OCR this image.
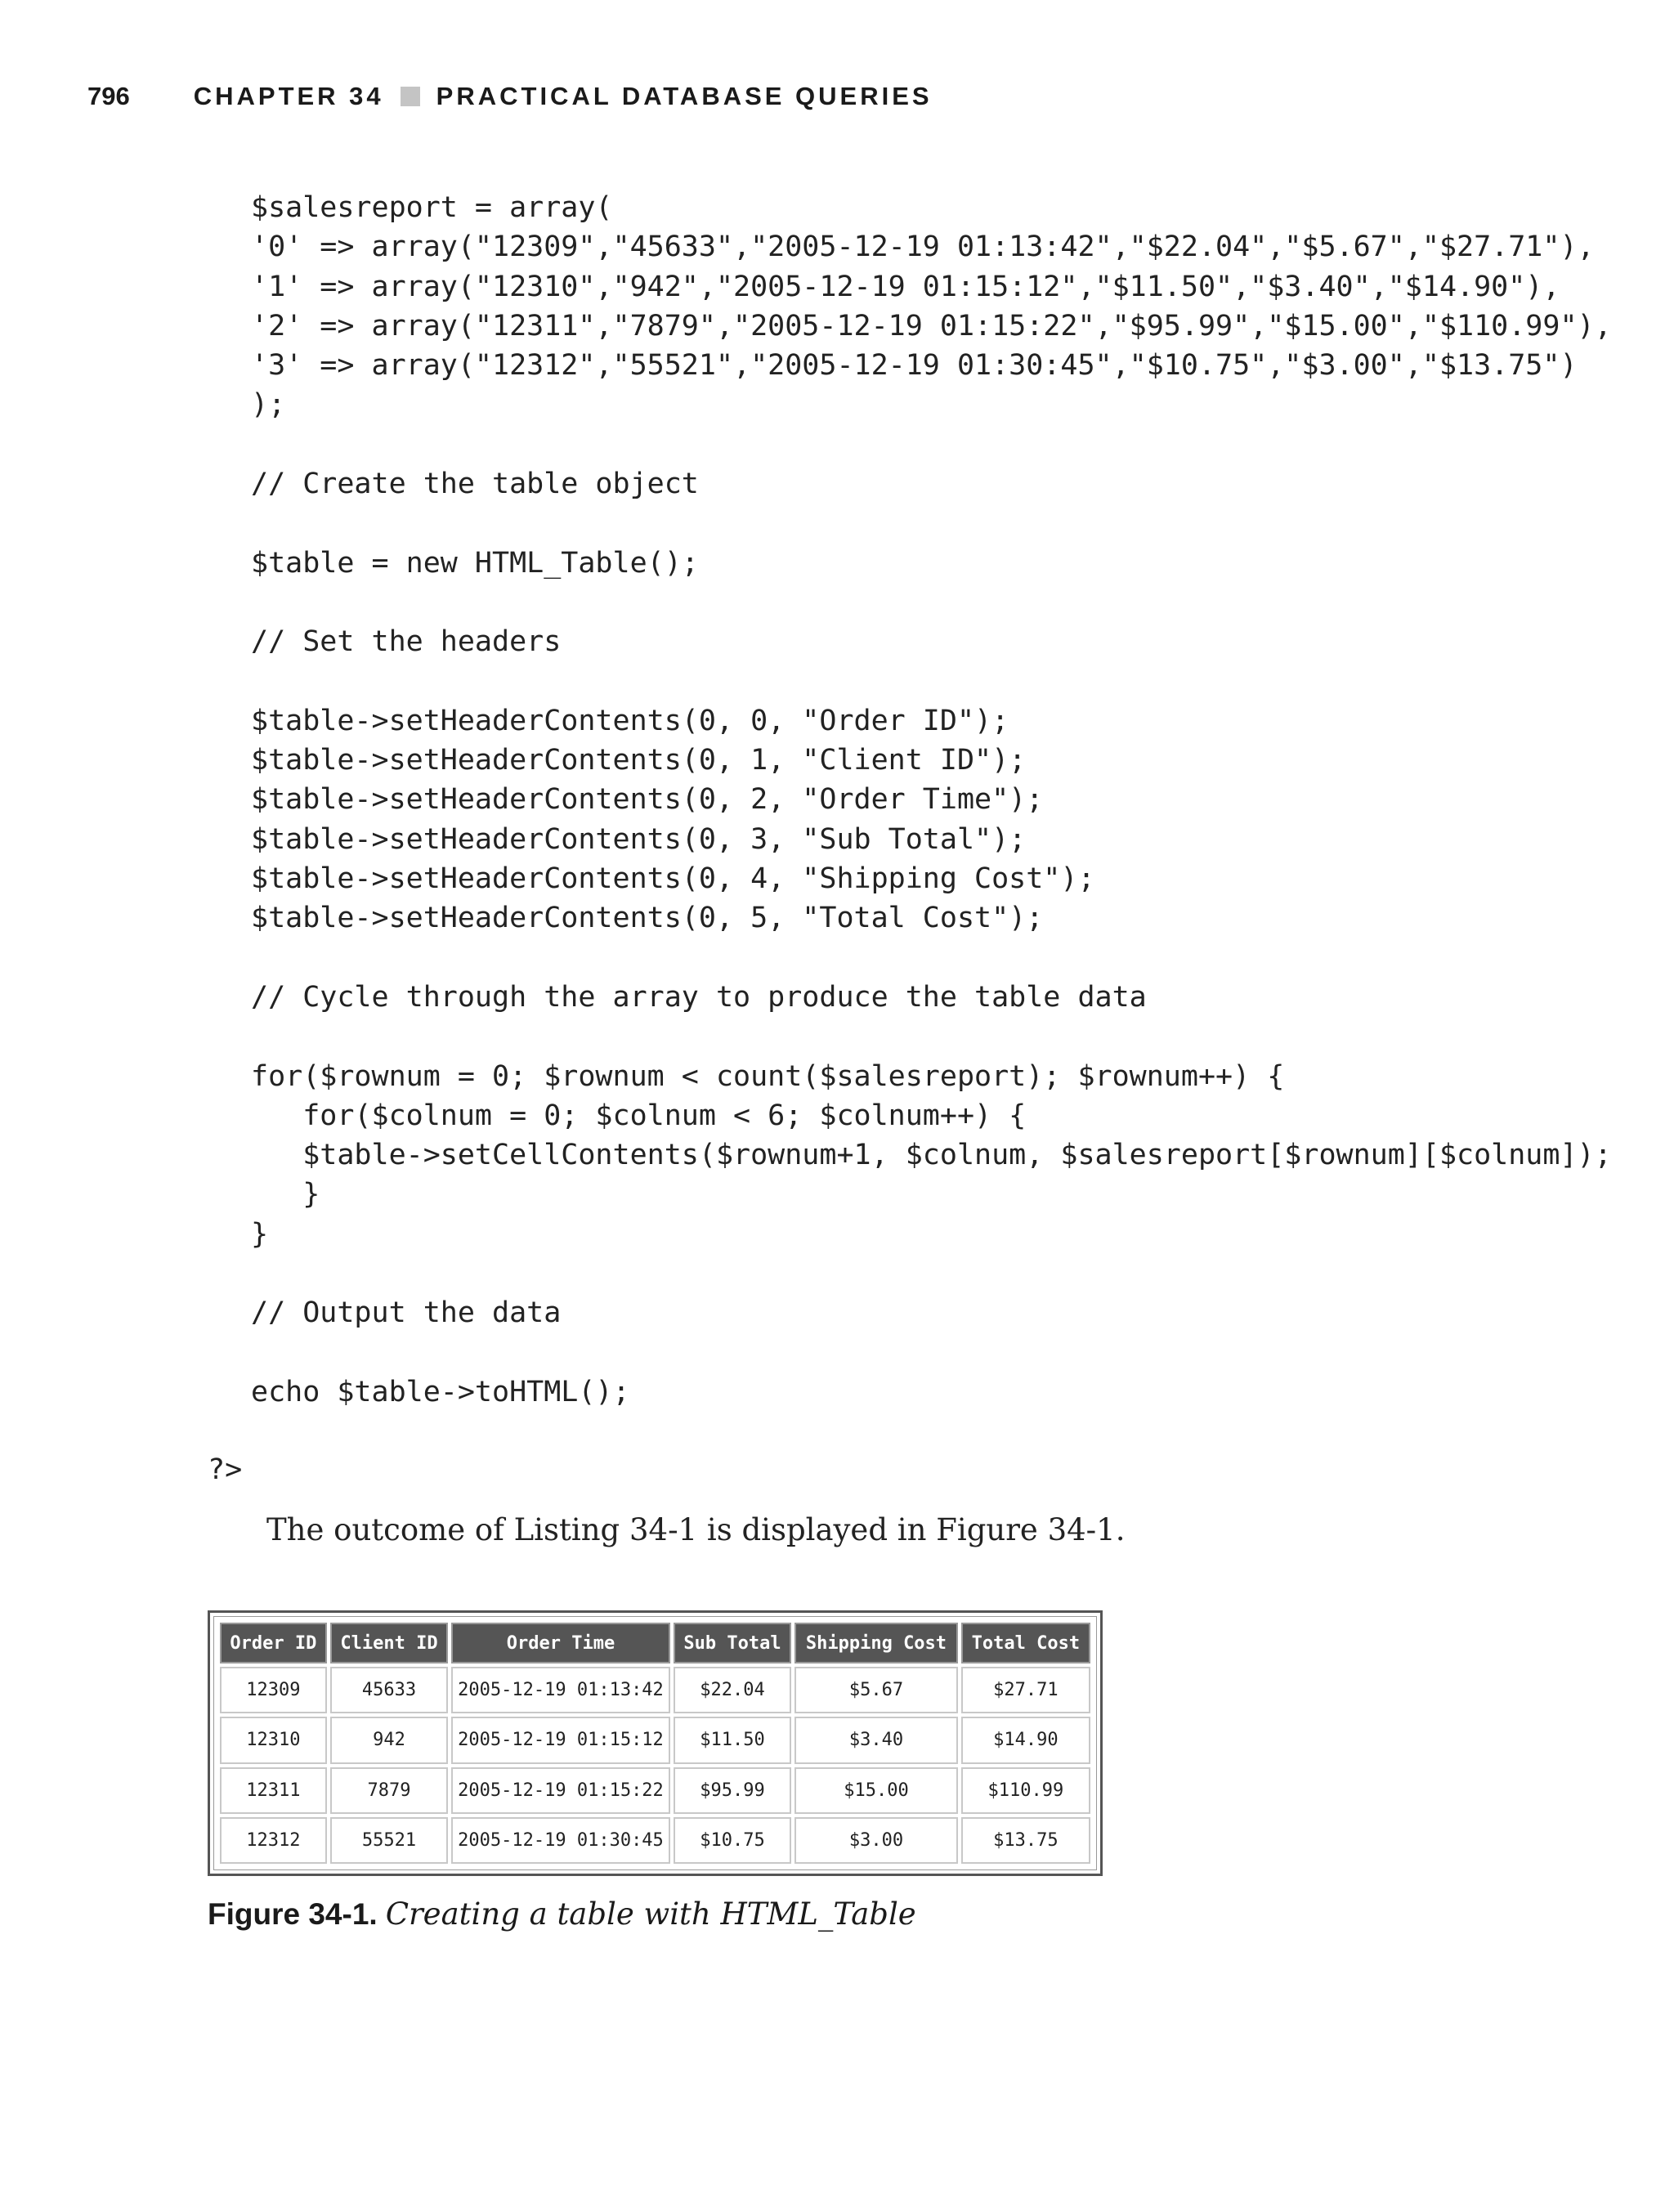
796	CHAPTER 34 PRACTICAL DATABASE QUERIES
$salesreport = array(
'0' => array("12309","45633","2005-12-19 01:13:42","$22.04","$5.67","$27.71"),
'1' => array("12310","942","2005-12-19 01:15:12","$11.50","$3.40","$14.90"),
'2' => array("12311","7879","2005-12-19 01:15:22","$95.99","$15.00","$110.99"),
'3' => array("12312","55521","2005-12-19 01:30:45","$10.75","$3.00","$13.75")
);

// Create the table object

$table = new HTML_Table();

// Set the headers

$table->setHeaderContents(0, 0, "Order ID");
$table->setHeaderContents(0, 1, "Client ID");
$table->setHeaderContents(0, 2, "Order Time");
$table->setHeaderContents(0, 3, "Sub Total");
$table->setHeaderContents(0, 4, "Shipping Cost");
$table->setHeaderContents(0, 5, "Total Cost");

// Cycle through the array to produce the table data

for($rownum = 0; $rownum < count($salesreport); $rownum++) {
for($colnum = 0; $colnum < 6; $colnum++) {
$table->setCellContents($rownum+1, $colnum, $salesreport[$rownum][$colnum]);
}
}

// Output the data

echo $table->toHTML();
?>
The outcome of Listing 34-1 is displayed in Figure 34-1.
Order ID	Client ID	Order Time	Sub Total	Shipping Cost	Total Cost
12309	45633	2005-12-19 01:13:42	$22.04	$5.67	$27.71
12310	942	2005-12-19 01:15:12	$11.50	$3.40	$14.90
12311	7879	2005-12-19 01:15:22	$95.99	$15.00	$110.99
12312	55521	2005-12-19 01:30:45	$10.75	$3.00	$13.75
Figure 34-1. Creating a table with HTML_Table
